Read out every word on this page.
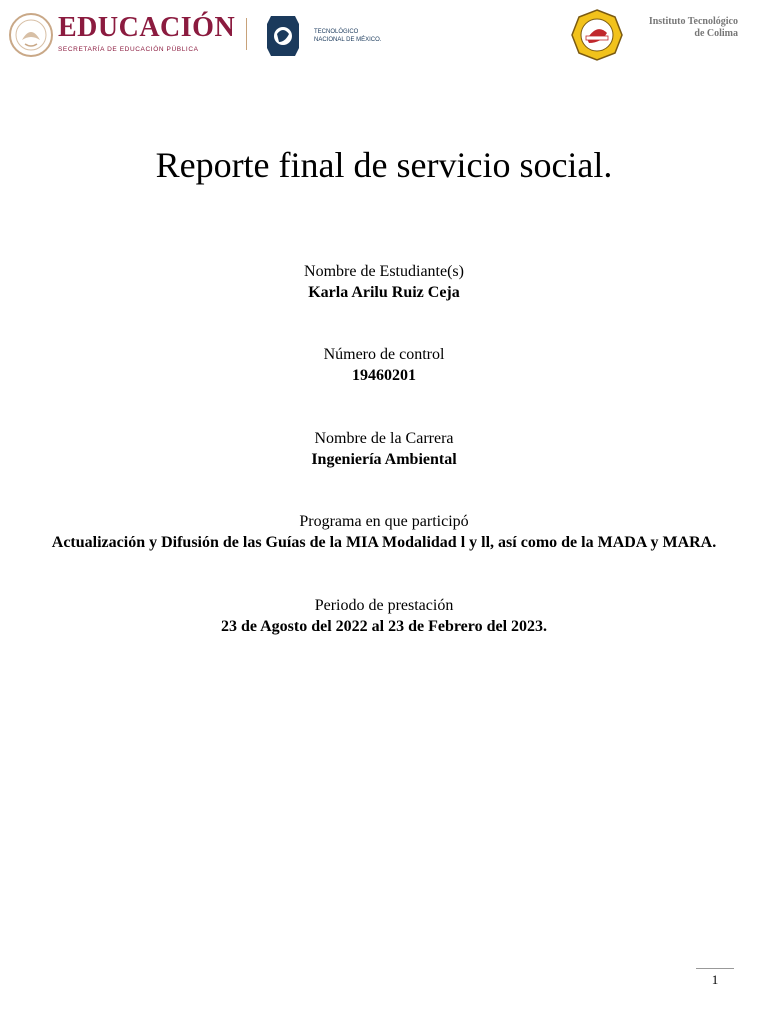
EDUCACIÓN
SECRETARÍA DE EDUCACIÓN PÚBLICA
TECNOLÓGICO NACIONAL DE MÉXICO.
Instituto Tecnológico
de Colima
Reporte final de servicio social.
Nombre de Estudiante(s)
Karla Arilu Ruiz Ceja
Número de control
19460201
Nombre de la Carrera
Ingeniería Ambiental
Programa en que participó
Actualización y Difusión de las Guías de la MIA Modalidad l y ll, así como de la MADA y MARA.
Periodo de prestación
23 de Agosto del 2022 al 23 de Febrero del 2023.
1
